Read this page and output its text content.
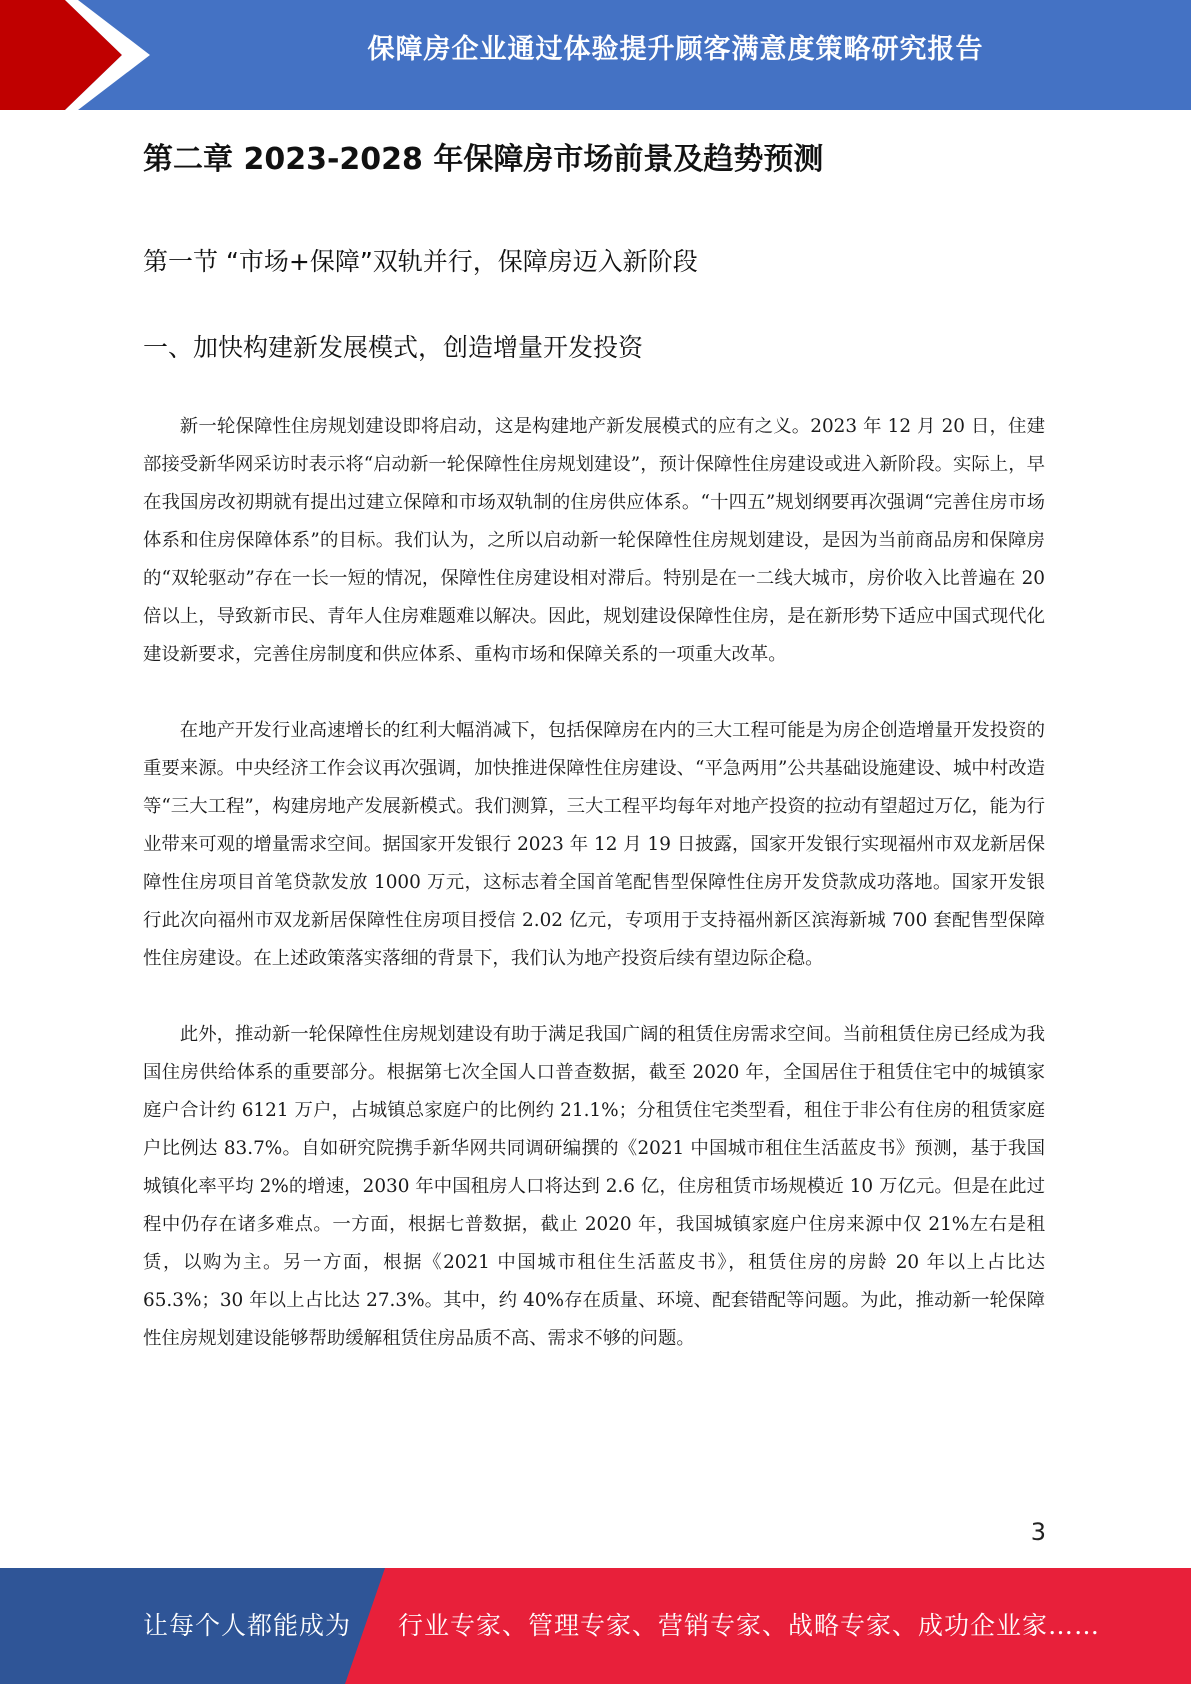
保障房企业通过体验提升顾客满意度策略研究报告
第二章 2023-2028 年保障房市场前景及趋势预测
第一节 “市场+保障”双轨并行，保障房迈入新阶段
一、加快构建新发展模式，创造增量开发投资

新一轮保障性住房规划建设即将启动，这是构建地产新发展模式的应有之义。2023 年 12 月 20 日，住建部接受新华网采访时表示将“启动新一轮保障性住房规划建设”，预计保障性住房建设或进入新阶段。实际上，早在我国房改初期就有提出过建立保障和市场双轨制的住房供应体系。“十四五”规划纲要再次强调“完善住房市场体系和住房保障体系”的目标。我们认为，之所以启动新一轮保障性住房规划建设，是因为当前商品房和保障房的“双轮驱动”存在一长一短的情况，保障性住房建设相对滞后。特别是在一二线大城市，房价收入比普遍在 20 倍以上，导致新市民、青年人住房难题难以解决。因此，规划建设保障性住房，是在新形势下适应中国式现代化建设新要求，完善住房制度和供应体系、重构市场和保障关系的一项重大改革。

在地产开发行业高速增长的红利大幅消减下，包括保障房在内的三大工程可能是为房企创造增量开发投资的重要来源。中央经济工作会议再次强调，加快推进保障性住房建设、“平急两用”公共基础设施建设、城中村改造等“三大工程”，构建房地产发展新模式。我们测算，三大工程平均每年对地产投资的拉动有望超过万亿，能为行业带来可观的增量需求空间。据国家开发银行 2023 年 12 月 19 日披露，国家开发银行实现福州市双龙新居保障性住房项目首笔贷款发放 1000 万元，这标志着全国首笔配售型保障性住房开发贷款成功落地。国家开发银行此次向福州市双龙新居保障性住房项目授信 2.02 亿元，专项用于支持福州新区滨海新城 700 套配售型保障性住房建设。在上述政策落实落细的背景下，我们认为地产投资后续有望边际企稳。

此外，推动新一轮保障性住房规划建设有助于满足我国广阔的租赁住房需求空间。当前租赁住房已经成为我国住房供给体系的重要部分。根据第七次全国人口普查数据，截至 2020 年，全国居住于租赁住宅中的城镇家庭户合计约 6121 万户，占城镇总家庭户的比例约 21.1%；分租赁住宅类型看，租住于非公有住房的租赁家庭户比例达 83.7%。自如研究院携手新华网共同调研编撰的《2021 中国城市租住生活蓝皮书》预测，基于我国城镇化率平均 2%的增速，2030 年中国租房人口将达到 2.6 亿，住房租赁市场规模近 10 万亿元。但是在此过程中仍存在诸多难点。一方面，根据七普数据，截止 2020 年，我国城镇家庭户住房来源中仅 21%左右是租赁，以购为主。另一方面，根据《2021 中国城市租住生活蓝皮书》，租赁住房的房龄 20 年以上占比达 65.3%；30 年以上占比达 27.3%。其中，约 40%存在质量、环境、配套错配等问题。为此，推动新一轮保障性住房规划建设能够帮助缓解租赁住房品质不高、需求不够的问题。

3
让每个人都能成为 行业专家、管理专家、营销专家、战略专家、成功企业家……
